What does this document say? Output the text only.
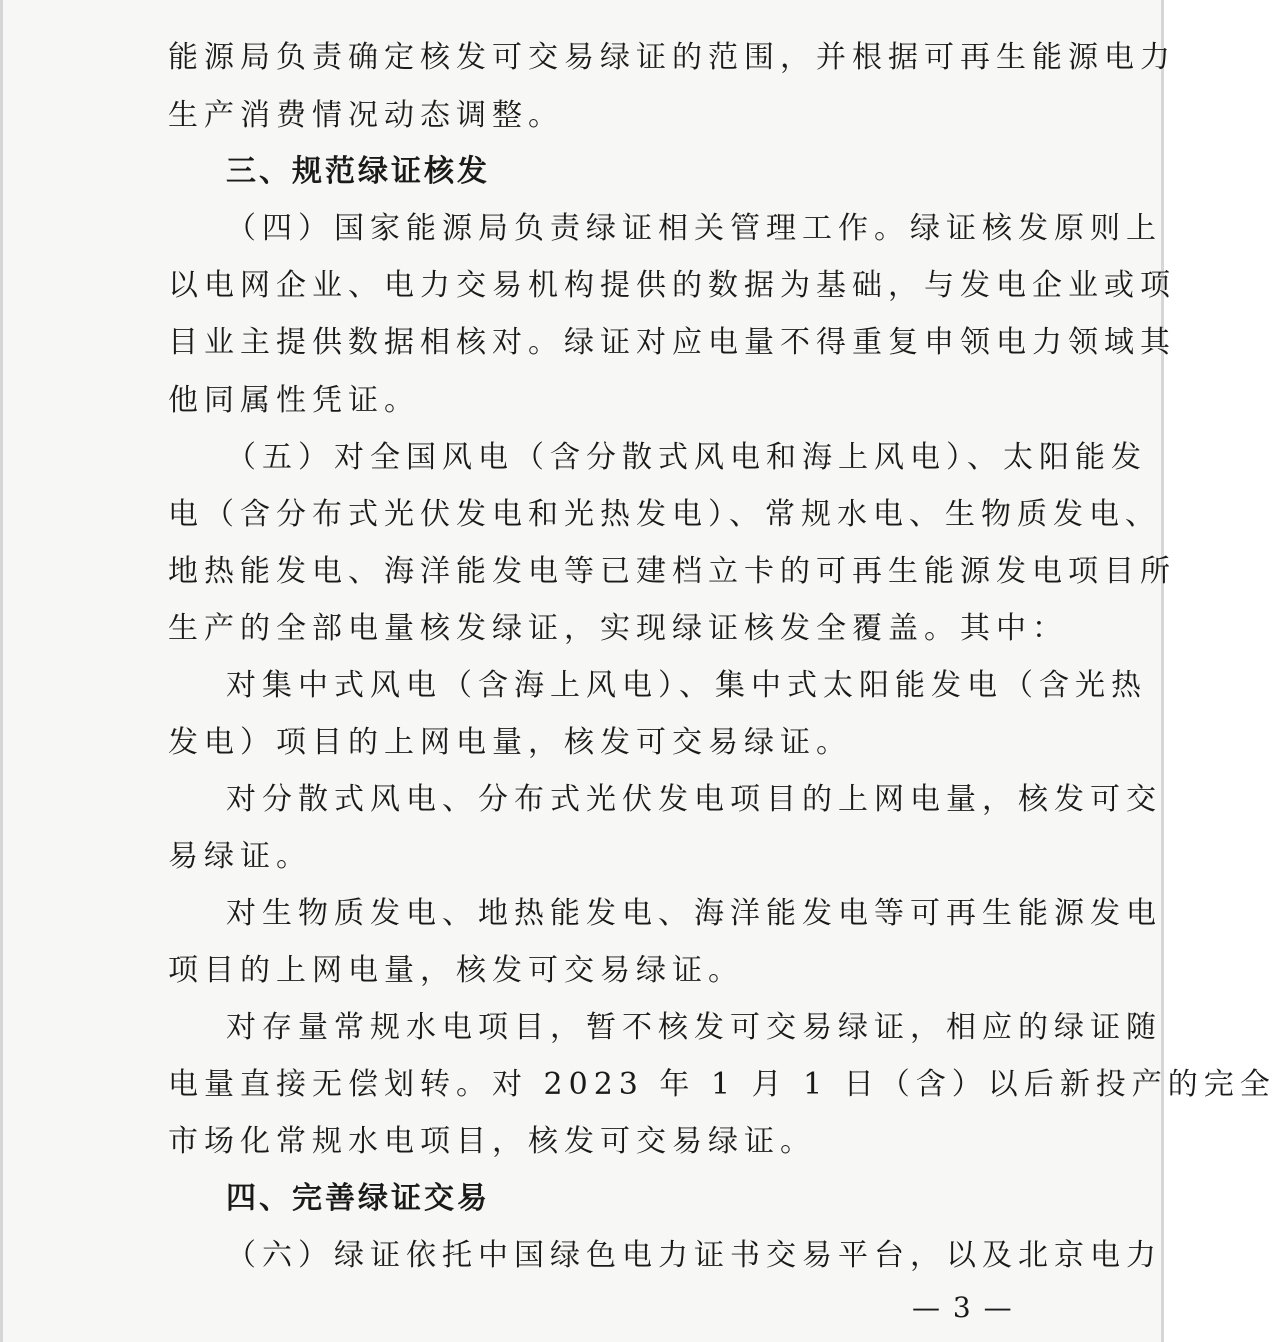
能源局负责确定核发可交易绿证的范围，并根据可再生能源电力
生产消费情况动态调整。
三、规范绿证核发
（四）国家能源局负责绿证相关管理工作。绿证核发原则上
以电网企业、电力交易机构提供的数据为基础，与发电企业或项
目业主提供数据相核对。绿证对应电量不得重复申领电力领域其
他同属性凭证。
（五）对全国风电（含分散式风电和海上风电）、太阳能发
电（含分布式光伏发电和光热发电）、常规水电、生物质发电、
地热能发电、海洋能发电等已建档立卡的可再生能源发电项目所
生产的全部电量核发绿证，实现绿证核发全覆盖。其中：
对集中式风电（含海上风电）、集中式太阳能发电（含光热
发电）项目的上网电量，核发可交易绿证。
对分散式风电、分布式光伏发电项目的上网电量，核发可交
易绿证。
对生物质发电、地热能发电、海洋能发电等可再生能源发电
项目的上网电量，核发可交易绿证。
对存量常规水电项目，暂不核发可交易绿证，相应的绿证随
电量直接无偿划转。对 2023 年 1 月 1 日（含）以后新投产的完全
市场化常规水电项目，核发可交易绿证。
四、完善绿证交易
（六）绿证依托中国绿色电力证书交易平台，以及北京电力
— 3 —
